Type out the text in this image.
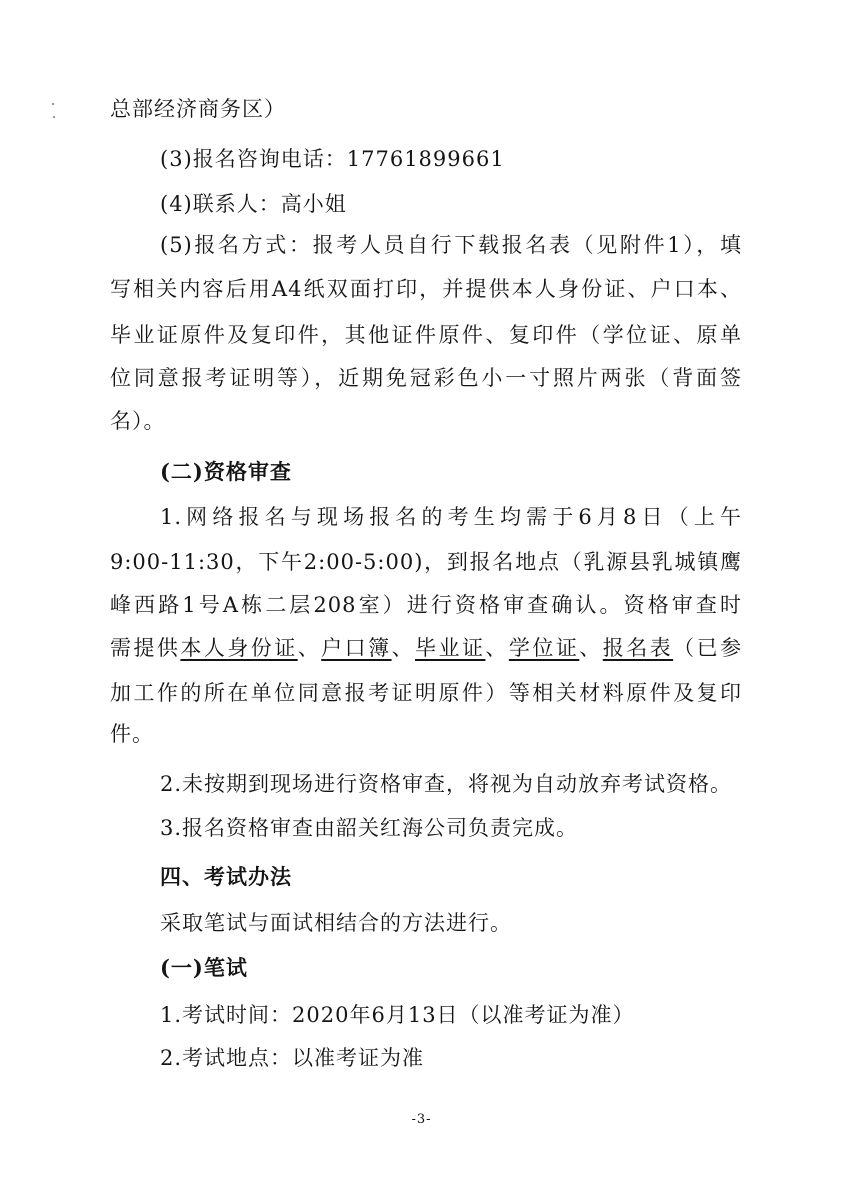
总部经济商务区）
(3)报名咨询电话：17761899661
(4)联系人：高小姐
(5)报名方式：报考人员自行下载报名表（见附件1），填
写相关内容后用A4纸双面打印，并提供本人身份证、户口本、
毕业证原件及复印件，其他证件原件、复印件（学位证、原单
位同意报考证明等），近期免冠彩色小一寸照片两张（背面签
名）。
(二)资格审查
1.网络报名与现场报名的考生均需于6月8日（上午
9:00-11:30，下午2:00-5:00)，到报名地点（乳源县乳城镇鹰
峰西路1号A栋二层208室）进行资格审查确认。资格审查时
需提供本人身份证、户口簿、毕业证、学位证、报名表（已参
加工作的所在单位同意报考证明原件）等相关材料原件及复印
件。
2.未按期到现场进行资格审查，将视为自动放弃考试资格。
3.报名资格审查由韶关红海公司负责完成。
四、考试办法
采取笔试与面试相结合的方法进行。
(一)笔试
1.考试时间：2020年6月13日（以准考证为准）
2.考试地点：以准考证为准
-3-
